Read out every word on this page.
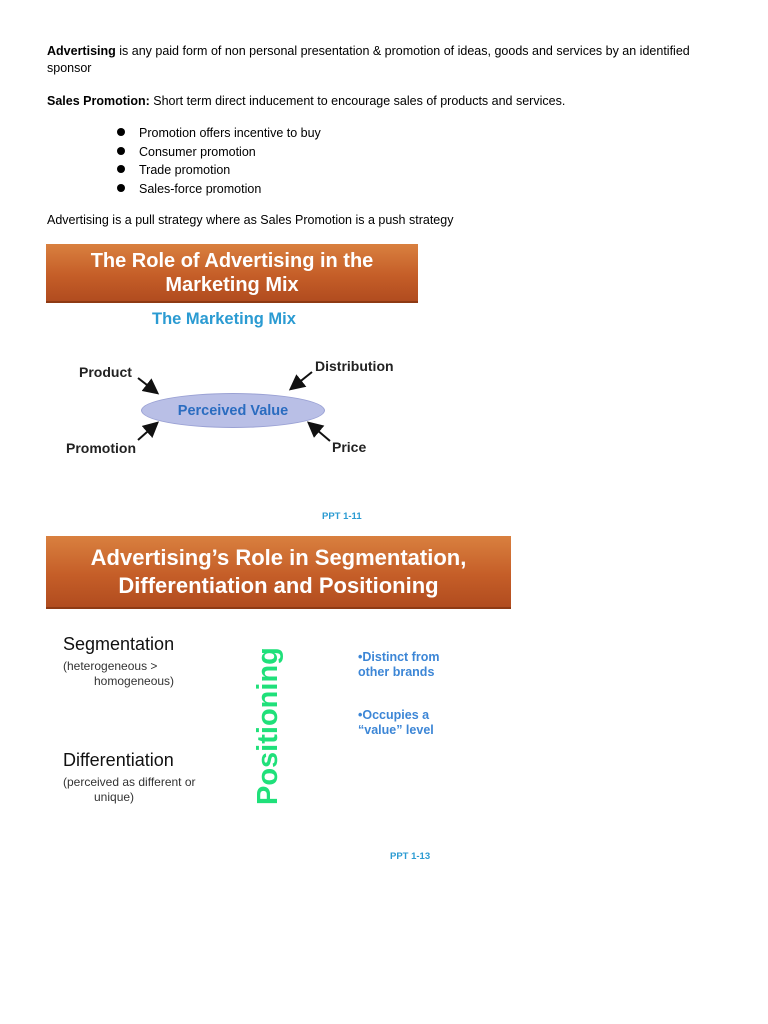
Advertising is any paid form of non personal presentation & promotion of ideas, goods and services by an identified sponsor

Sales Promotion: Short term direct inducement to encourage sales of products and services.

Promotion offers incentive to buy
Consumer promotion
Trade promotion
Sales-force promotion

Advertising is a pull strategy where as Sales Promotion is a push strategy

The Role of Advertising in the
Marketing Mix
The Marketing Mix
Perceived Value
Product	Distribution
Promotion	Price
PPT 1-11
Advertising’s Role in Segmentation,
Differentiation and Positioning
Segmentation
(heterogeneous >
homogeneous)
Differentiation
(perceived as different or
unique)	Positioning	•Distinct from
other brands
•Occupies a
“value” level
PPT 1-13
